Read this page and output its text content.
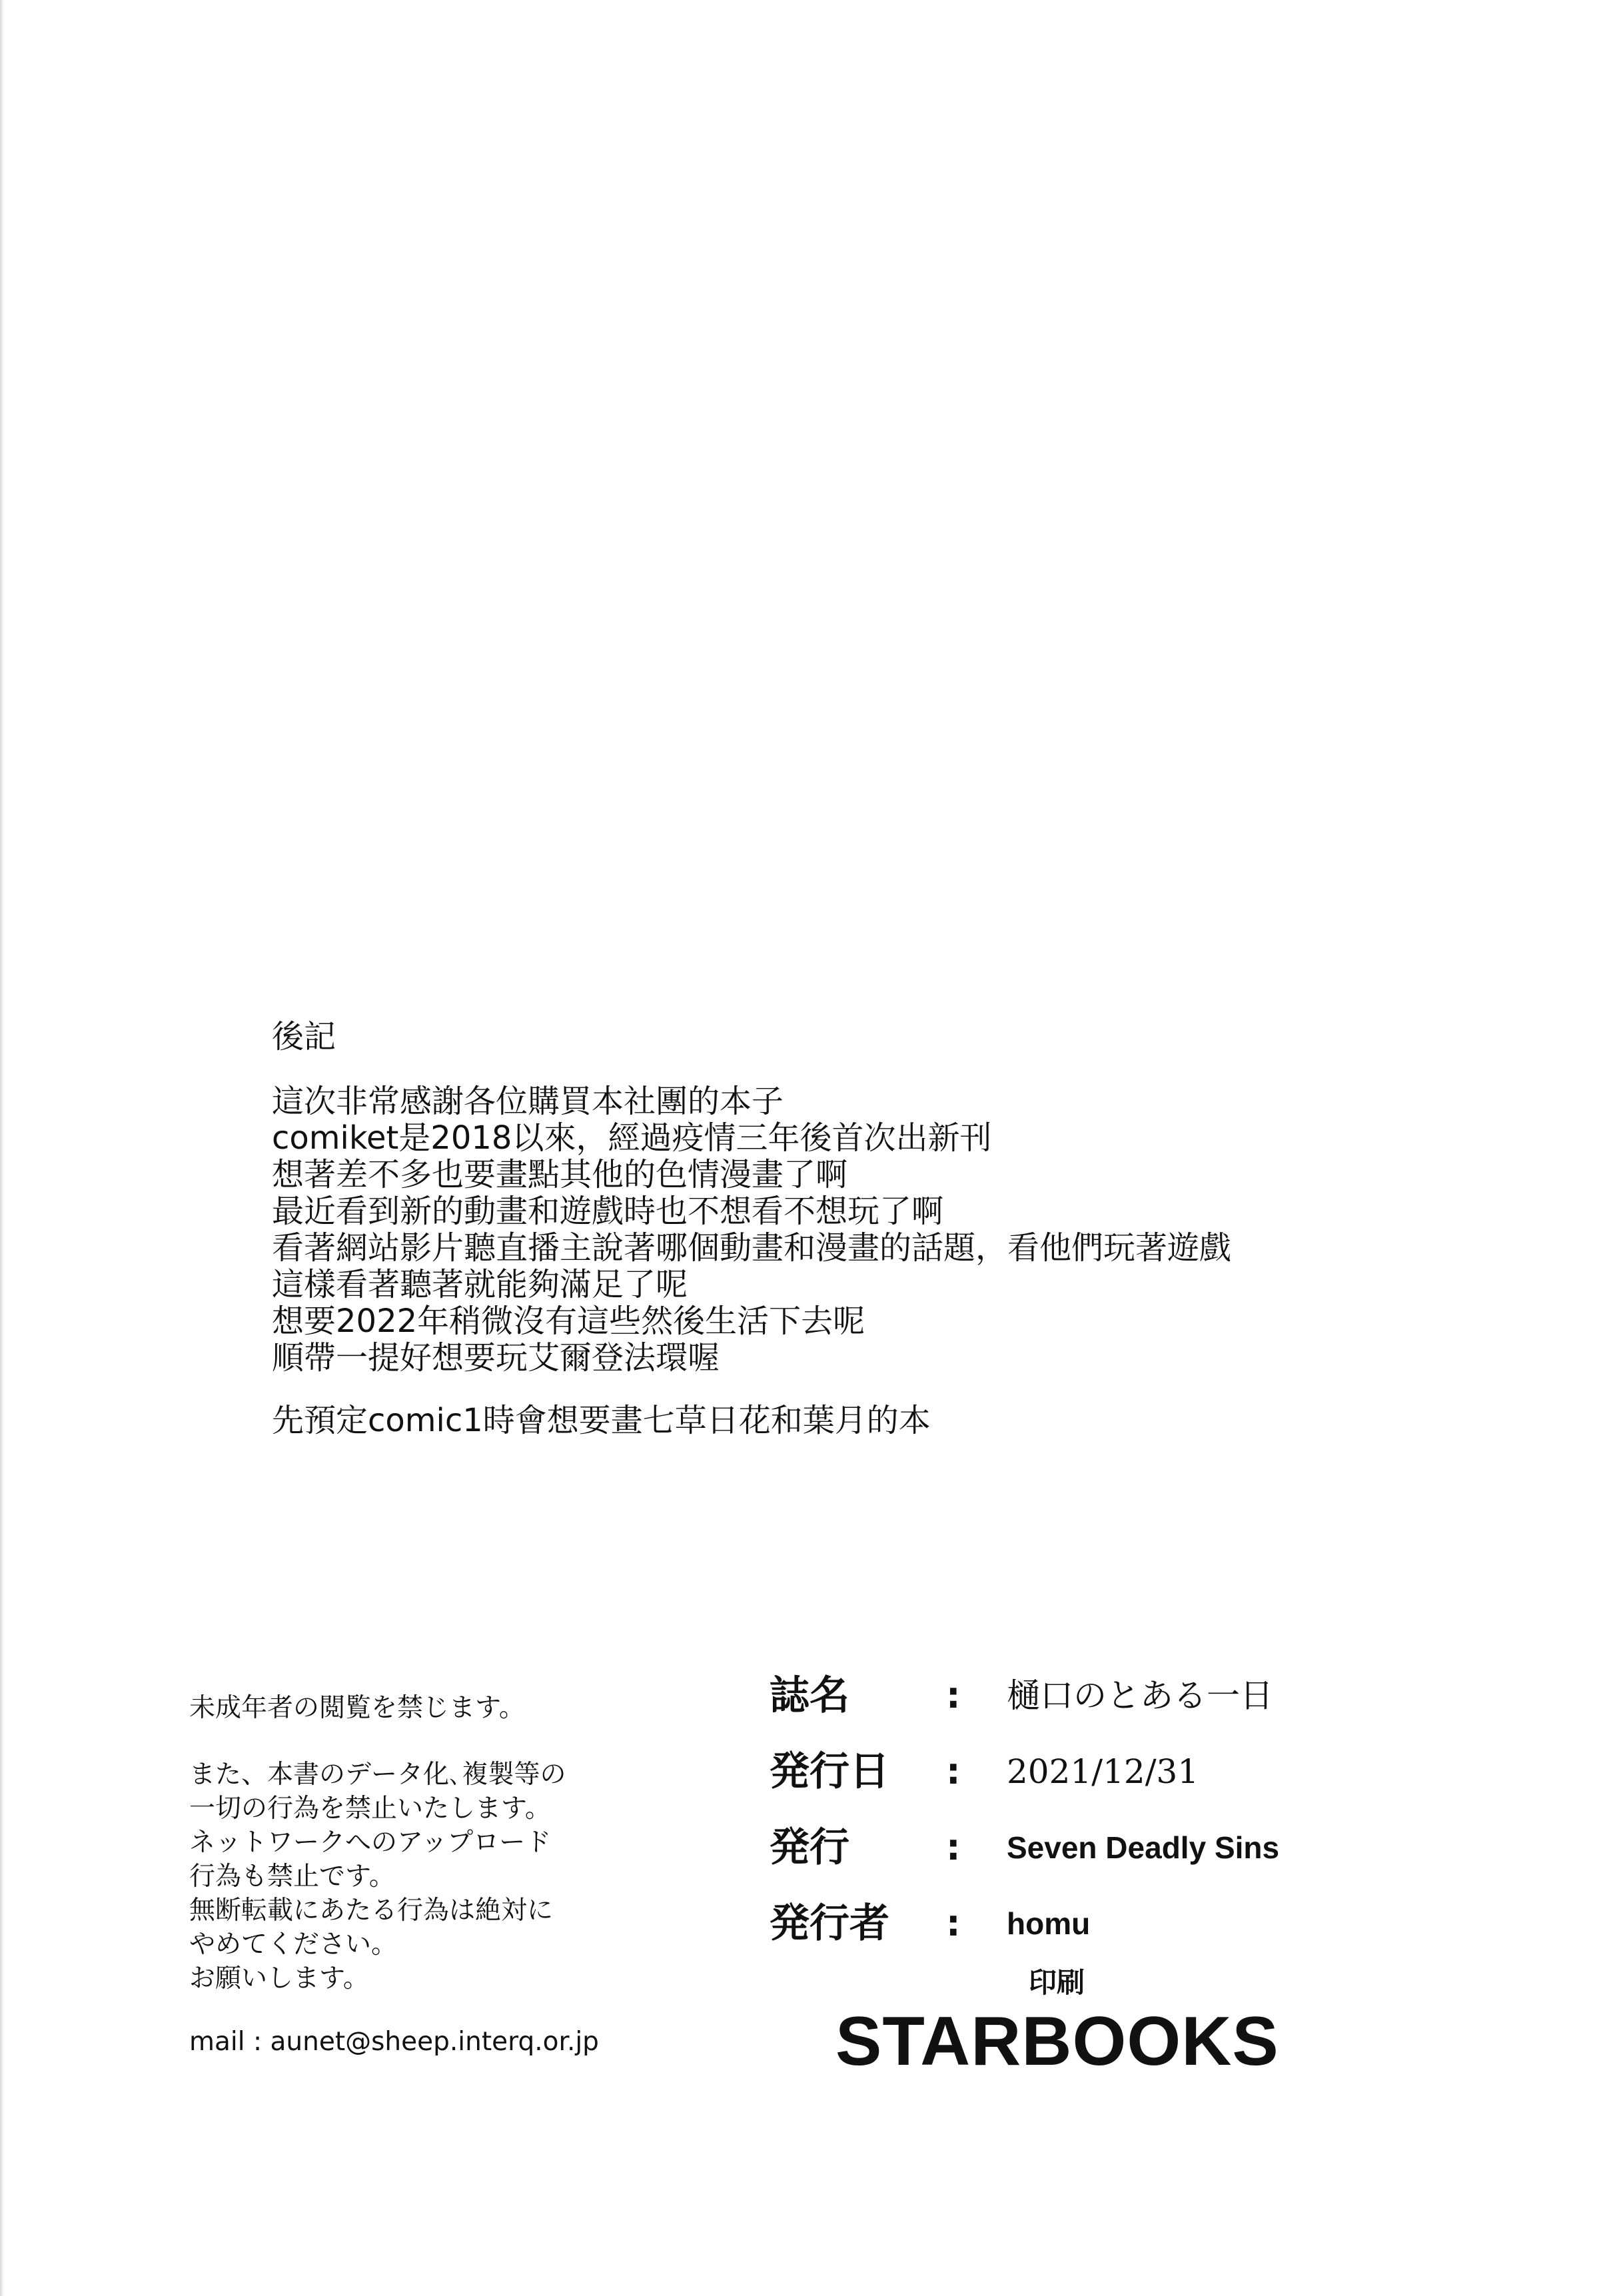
後記
這次非常感謝各位購買本社團的本子
comiket是2018以來，經過疫情三年後首次出新刊
想著差不多也要畫點其他的色情漫畫了啊
最近看到新的動畫和遊戲時也不想看不想玩了啊
看著網站影片聽直播主說著哪個動畫和漫畫的話題，看他們玩著遊戲
這樣看著聽著就能夠滿足了呢
想要2022年稍微沒有這些然後生活下去呢
順帶一提好想要玩艾爾登法環喔
先預定comic1時會想要畫七草日花和葉月的本
未成年者の閲覧を禁じます。
また、本書のデータ化､複製等の
一切の行為を禁止いたします。
ネットワークへのアップロード
行為も禁止です。
無断転載にあたる行為は絶対に
やめてください。
お願いします。
mail : aunet@sheep.interq.or.jp
誌名	: 樋口のとある一日
発行日 : 2021/12/31
発行	: Seven Deadly Sins
発行者 : homu
印刷
STARBOOKS
